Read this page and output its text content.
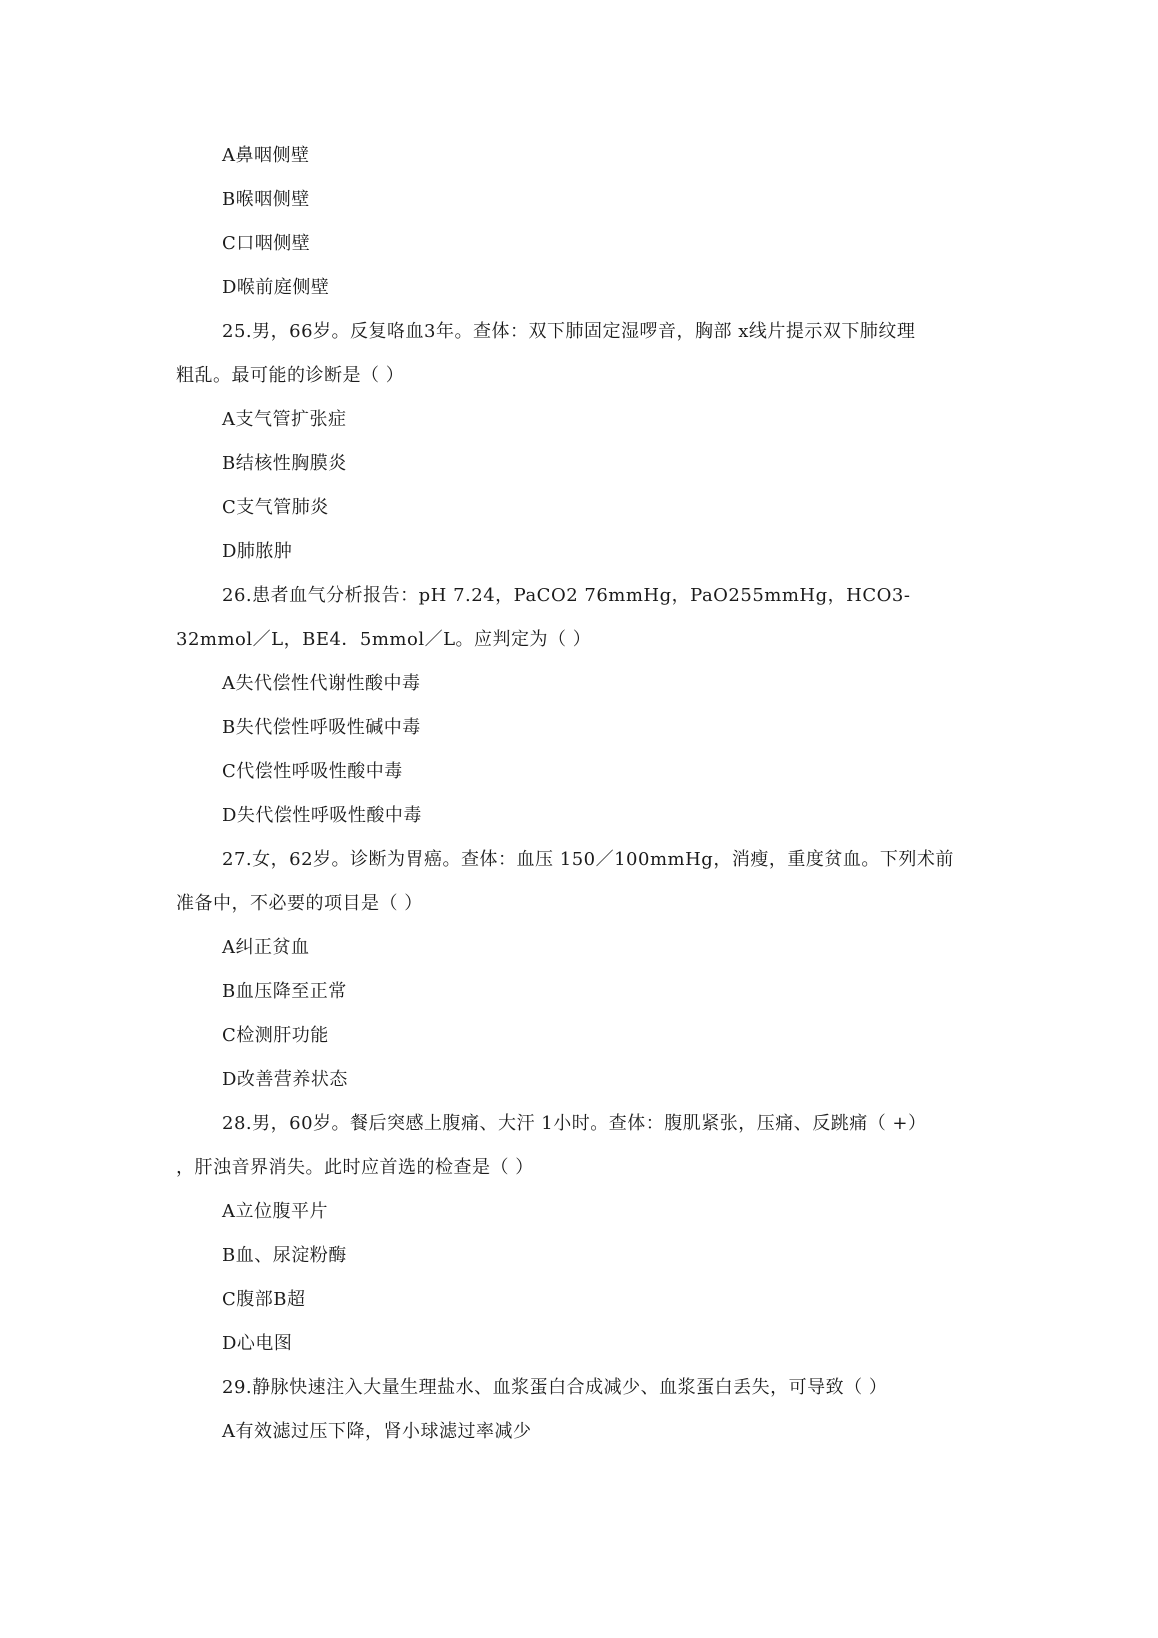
A鼻咽侧壁
B喉咽侧壁
C口咽侧壁
D喉前庭侧壁
25.男，66岁。反复咯血3年。查体：双下肺固定湿啰音，胸部 x线片提示双下肺纹理
粗乱。最可能的诊断是（ ）
A支气管扩张症
B结核性胸膜炎
C支气管肺炎
D肺脓肿
26.患者血气分析报告：pH 7.24，PaCO2 76mmHg，PaO255mmHg，HCO3-
32mmol／L，BE4．5mmol／L。应判定为（ ）
A失代偿性代谢性酸中毒
B失代偿性呼吸性碱中毒
C代偿性呼吸性酸中毒
D失代偿性呼吸性酸中毒
27.女，62岁。诊断为胃癌。查体：血压 150／100mmHg，消瘦，重度贫血。下列术前
准备中，不必要的项目是（ ）
A纠正贫血
B血压降至正常
C检测肝功能
D改善营养状态
28.男，60岁。餐后突感上腹痛、大汗 1小时。查体：腹肌紧张，压痛、反跳痛（ +）
，肝浊音界消失。此时应首选的检查是（ ）
A立位腹平片
B血、尿淀粉酶
C腹部B超
D心电图
29.静脉快速注入大量生理盐水、血浆蛋白合成减少、血浆蛋白丢失，可导致（ ）
A有效滤过压下降，肾小球滤过率减少
